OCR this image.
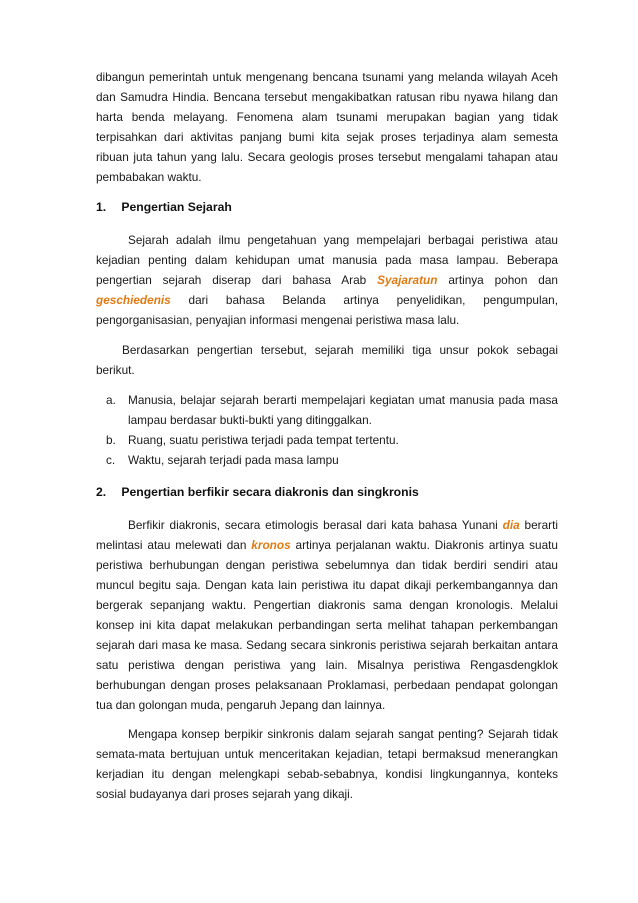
dibangun pemerintah untuk mengenang bencana tsunami yang melanda wilayah Aceh dan Samudra Hindia. Bencana tersebut mengakibatkan ratusan ribu nyawa hilang dan harta benda melayang. Fenomena alam tsunami merupakan bagian yang tidak terpisahkan dari aktivitas panjang bumi kita sejak proses terjadinya alam semesta ribuan juta tahun yang lalu. Secara geologis proses tersebut mengalami tahapan atau pembabakan waktu.

1. Pengertian Sejarah

Sejarah adalah ilmu pengetahuan yang mempelajari berbagai peristiwa atau kejadian penting dalam kehidupan umat manusia pada masa lampau. Beberapa pengertian sejarah diserap dari bahasa Arab Syajaratun artinya pohon dan geschiedenis dari bahasa Belanda artinya penyelidikan, pengumpulan, pengorganisasian, penyajian informasi mengenai peristiwa masa lalu.

Berdasarkan pengertian tersebut, sejarah memiliki tiga unsur pokok sebagai berikut.

a.	Manusia, belajar sejarah berarti mempelajari kegiatan umat manusia pada masa lampau berdasar bukti-bukti yang ditinggalkan.
b.	Ruang, suatu peristiwa terjadi pada tempat tertentu.
c.	Waktu, sejarah terjadi pada masa lampu
2. Pengertian berfikir secara diakronis dan singkronis

Berfikir diakronis, secara etimologis berasal dari kata bahasa Yunani dia berarti melintasi atau melewati dan kronos artinya perjalanan waktu. Diakronis artinya suatu peristiwa berhubungan dengan peristiwa sebelumnya dan tidak berdiri sendiri atau muncul begitu saja. Dengan kata lain peristiwa itu dapat dikaji perkembangannya dan bergerak sepanjang waktu. Pengertian diakronis sama dengan kronologis. Melalui konsep ini kita dapat melakukan perbandingan serta melihat tahapan perkembangan sejarah dari masa ke masa. Sedang secara sinkronis peristiwa sejarah berkaitan antara satu peristiwa dengan peristiwa yang lain. Misalnya peristiwa Rengasdengklok berhubungan dengan proses pelaksanaan Proklamasi, perbedaan pendapat golongan tua dan golongan muda, pengaruh Jepang dan lainnya.

Mengapa konsep berpikir sinkronis dalam sejarah sangat penting? Sejarah tidak semata-mata bertujuan untuk menceritakan kejadian, tetapi bermaksud menerangkan kerjadian itu dengan melengkapi sebab-sebabnya, kondisi lingkungannya, konteks sosial budayanya dari proses sejarah yang dikaji.
